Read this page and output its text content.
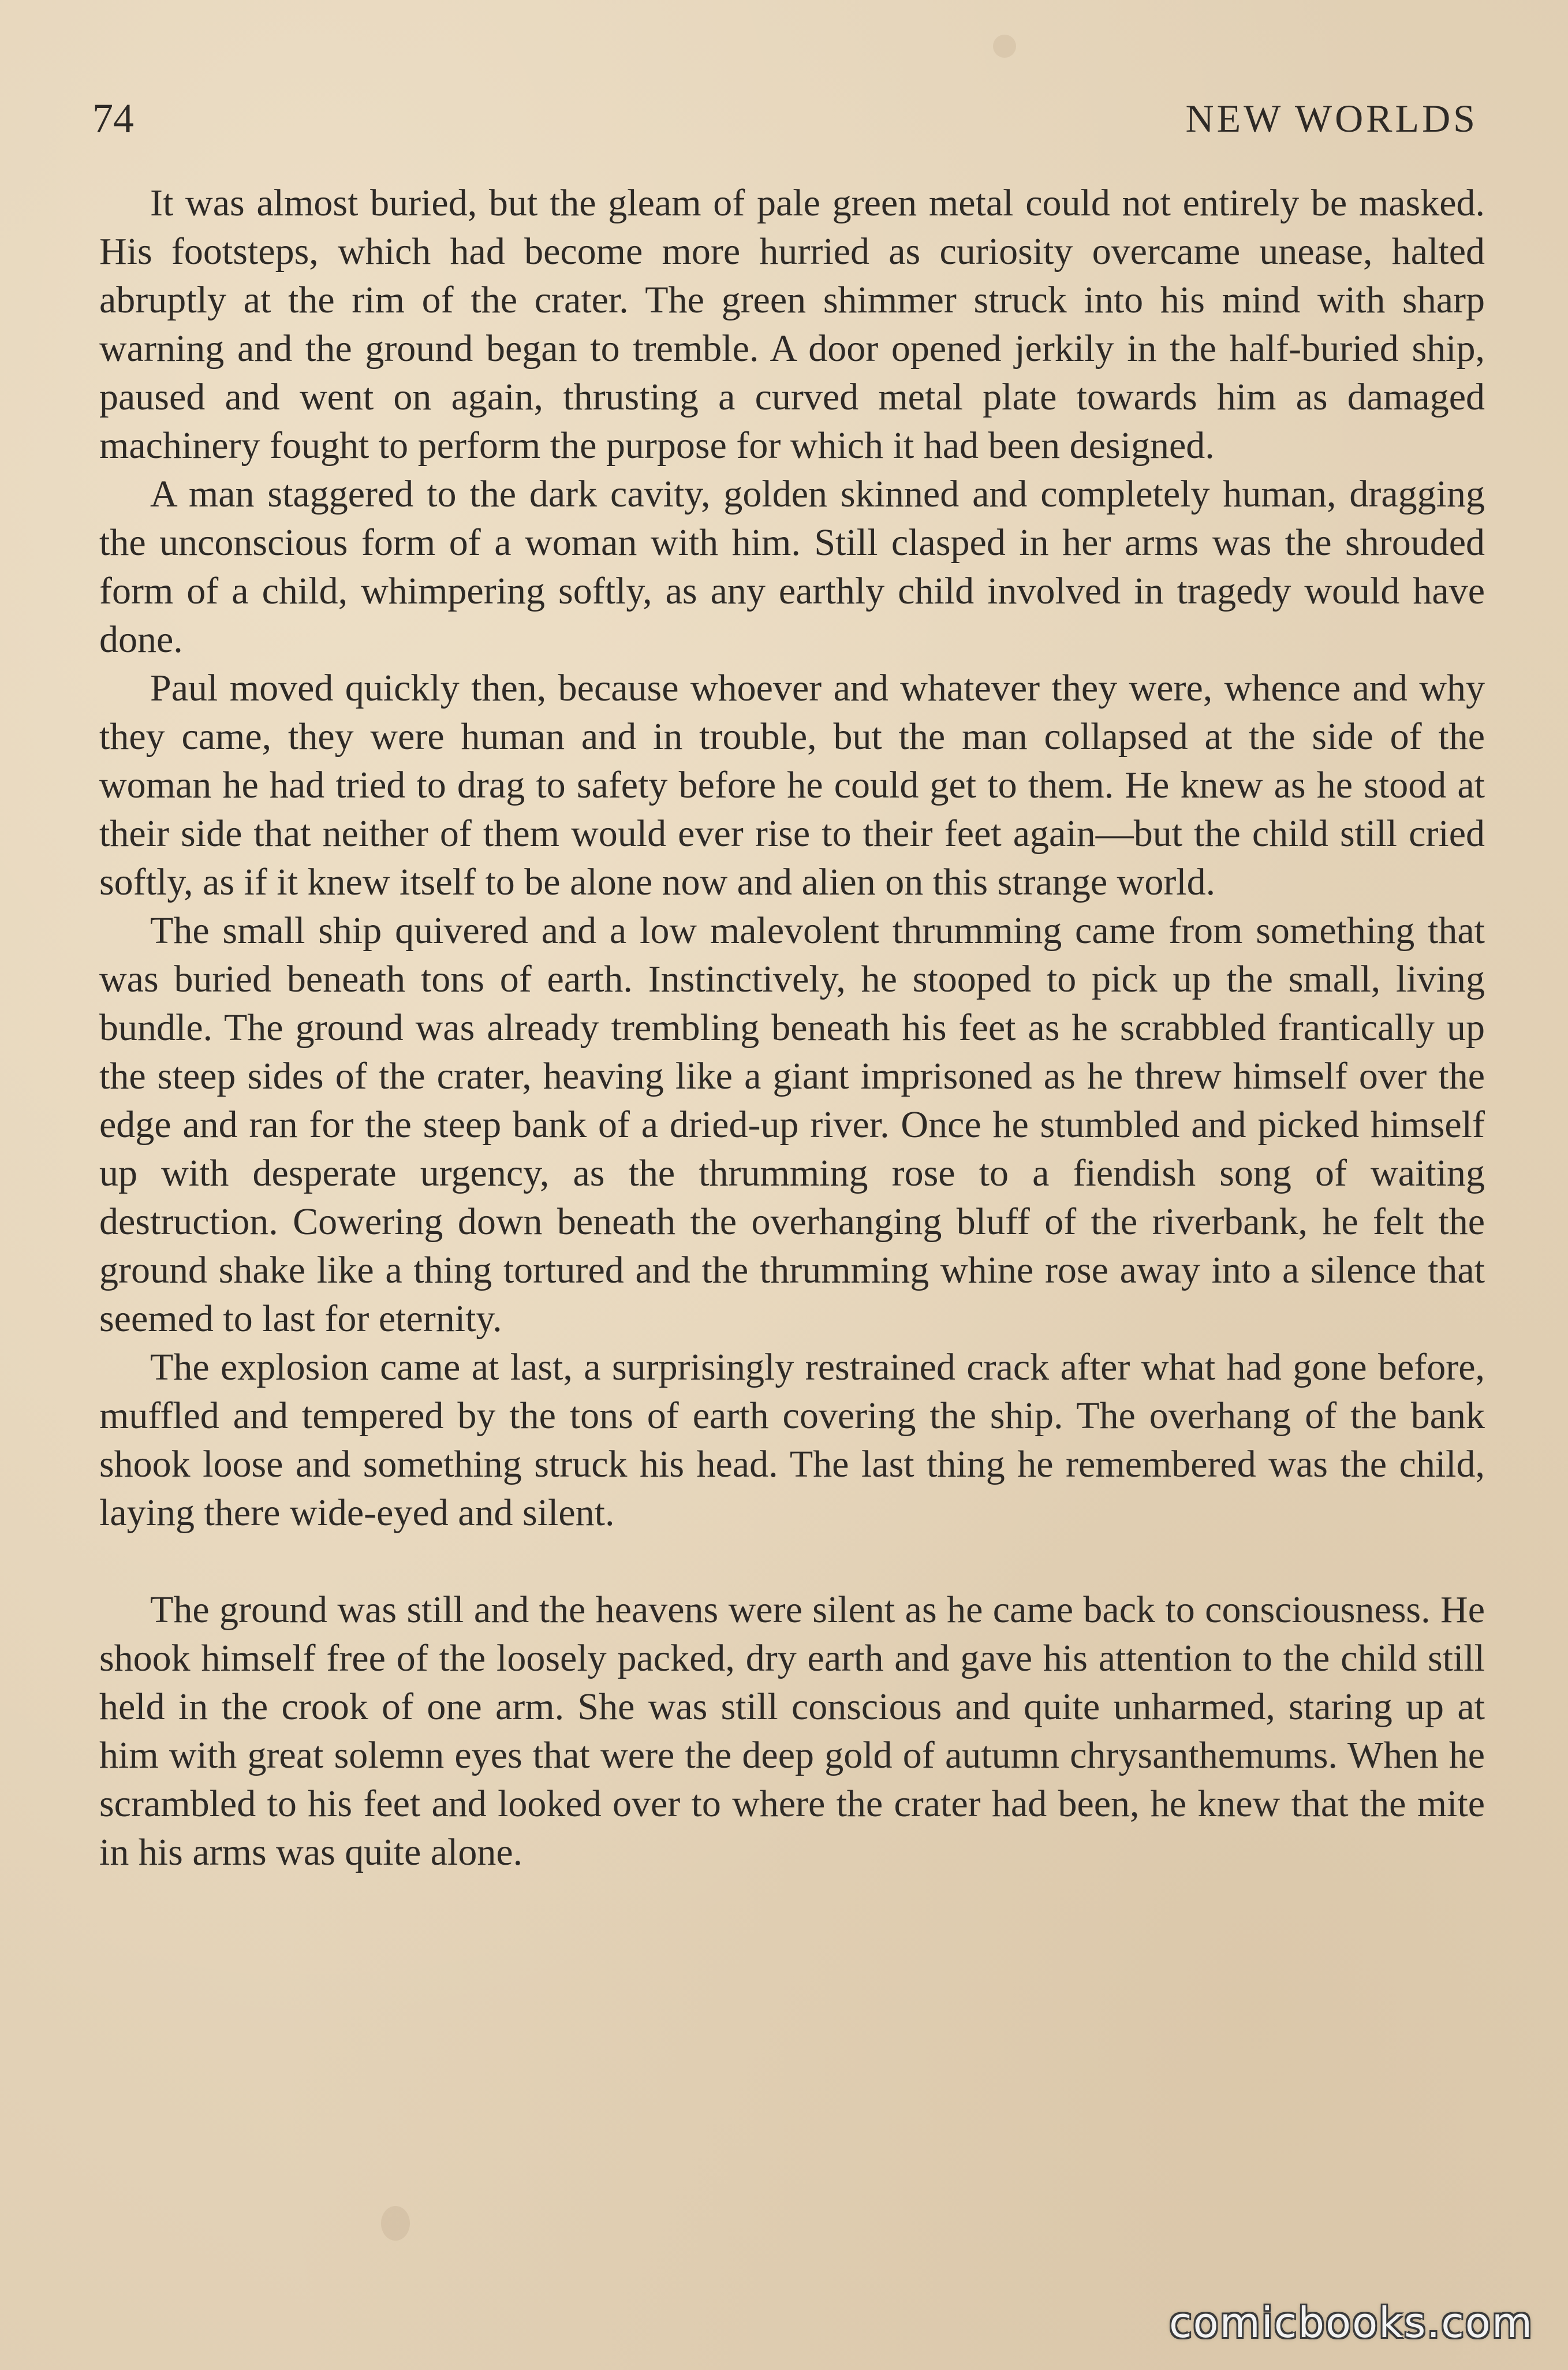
74	NEW WORLDS

It was almost buried, but the gleam of pale green metal could not entirely be masked. His footsteps, which had become more hurried as curiosity overcame unease, halted abruptly at the rim of the crater. The green shimmer struck into his mind with sharp warning and the ground began to tremble. A door opened jerkily in the half-buried ship, paused and went on again, thrusting a curved metal plate towards him as damaged machinery fought to perform the purpose for which it had been designed.

A man staggered to the dark cavity, golden skinned and completely human, dragging the unconscious form of a woman with him. Still clasped in her arms was the shrouded form of a child, whimpering softly, as any earthly child involved in tragedy would have done.

Paul moved quickly then, because whoever and whatever they were, whence and why they came, they were human and in trouble, but the man collapsed at the side of the woman he had tried to drag to safety before he could get to them. He knew as he stood at their side that neither of them would ever rise to their feet again—but the child still cried softly, as if it knew itself to be alone now and alien on this strange world.

The small ship quivered and a low malevolent thrumming came from something that was buried beneath tons of earth. Instinctively, he stooped to pick up the small, living bundle. The ground was already trembling beneath his feet as he scrabbled frantically up the steep sides of the crater, heaving like a giant imprisoned as he threw himself over the edge and ran for the steep bank of a dried-up river. Once he stumbled and picked himself up with desperate urgency, as the thrumming rose to a fiendish song of waiting destruction. Cowering down beneath the overhanging bluff of the riverbank, he felt the ground shake like a thing tortured and the thrumming whine rose away into a silence that seemed to last for eternity.

The explosion came at last, a surprisingly restrained crack after what had gone before, muffled and tempered by the tons of earth covering the ship. The overhang of the bank shook loose and something struck his head. The last thing he remembered was the child, laying there wide-eyed and silent.

The ground was still and the heavens were silent as he came back to consciousness. He shook himself free of the loosely packed, dry earth and gave his attention to the child still held in the crook of one arm. She was still conscious and quite unharmed, staring up at him with great solemn eyes that were the deep gold of autumn chrysanthemums. When he scrambled to his feet and looked over to where the crater had been, he knew that the mite in his arms was quite alone.

comicbooks.com
